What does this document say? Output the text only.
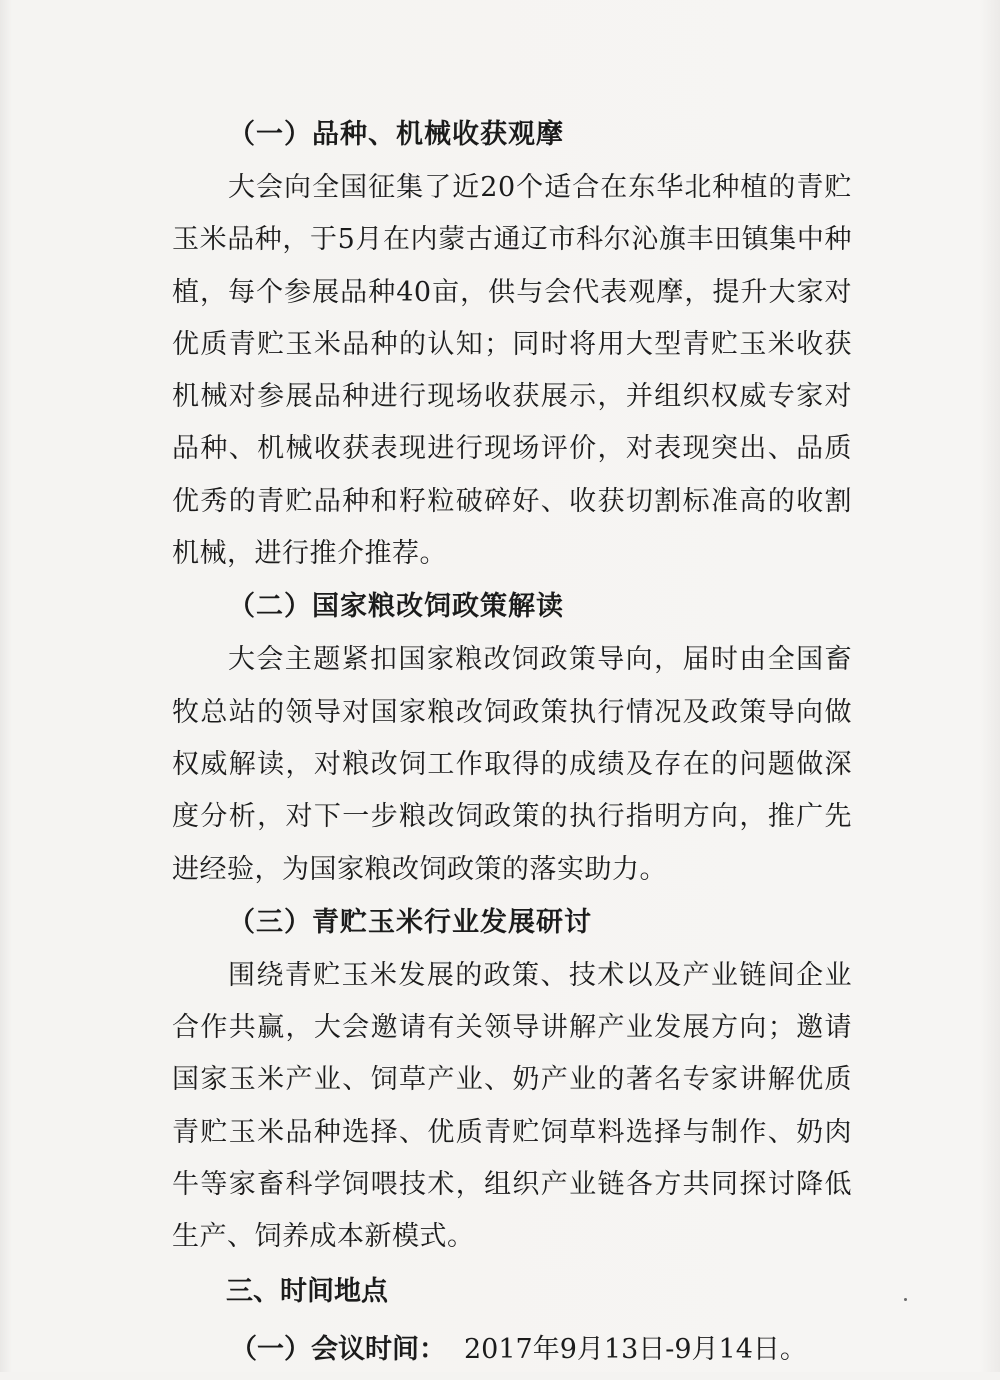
（一）品种、机械收获观摩

大会向全国征集了近20个适合在东华北种植的青贮玉米品种，于5月在内蒙古通辽市科尔沁旗丰田镇集中种植，每个参展品种40亩，供与会代表观摩，提升大家对优质青贮玉米品种的认知；同时将用大型青贮玉米收获机械对参展品种进行现场收获展示，并组织权威专家对品种、机械收获表现进行现场评价，对表现突出、品质优秀的青贮品种和籽粒破碎好、收获切割标准高的收割机械，进行推介推荐。

（二）国家粮改饲政策解读

大会主题紧扣国家粮改饲政策导向，届时由全国畜牧总站的领导对国家粮改饲政策执行情况及政策导向做权威解读，对粮改饲工作取得的成绩及存在的问题做深度分析，对下一步粮改饲政策的执行指明方向，推广先进经验，为国家粮改饲政策的落实助力。

（三）青贮玉米行业发展研讨

围绕青贮玉米发展的政策、技术以及产业链间企业合作共赢，大会邀请有关领导讲解产业发展方向；邀请国家玉米产业、饲草产业、奶产业的著名专家讲解优质青贮玉米品种选择、优质青贮饲草料选择与制作、奶肉牛等家畜科学饲喂技术，组织产业链各方共同探讨降低生产、饲养成本新模式。

三、时间地点

（一）会议时间： 2017年9月13日-9月14日。
